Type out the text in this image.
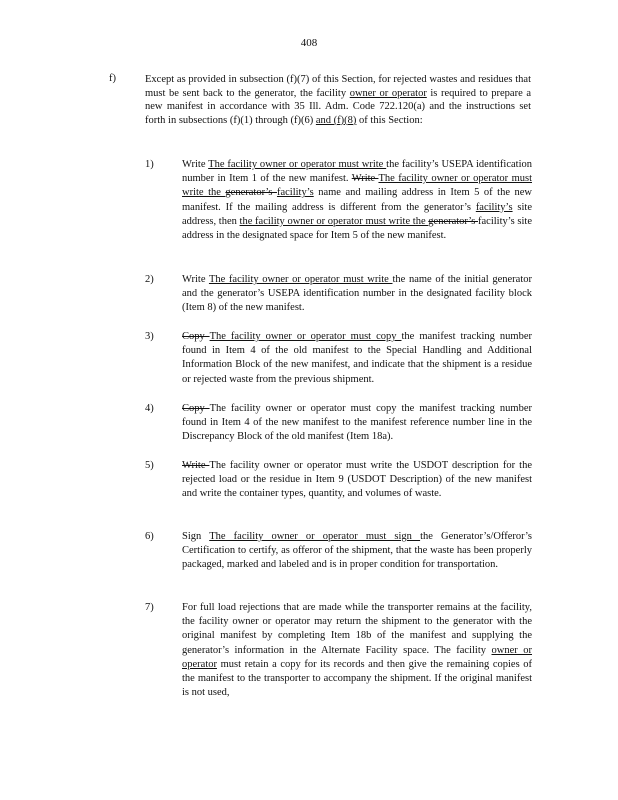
408
f)	Except as provided in subsection (f)(7) of this Section, for rejected wastes and residues that must be sent back to the generator, the facility owner or operator is required to prepare a new manifest in accordance with 35 Ill. Adm. Code 722.120(a) and the instructions set forth in subsections (f)(1) through (f)(6) and (f)(8) of this Section:

1)	Write The facility owner or operator must write the facility’s USEPA identification number in Item 1 of the new manifest. Write The facility owner or operator must write the generator’s facility’s name and mailing address in Item 5 of the new manifest. If the mailing address is different from the generator’s facility’s site address, then the facility owner or operator must write the generator’s facility’s site address in the designated space for Item 5 of the new manifest.

2)	Write The facility owner or operator must write the name of the initial generator and the generator’s USEPA identification number in the designated facility block (Item 8) of the new manifest.

3)	Copy The facility owner or operator must copy the manifest tracking number found in Item 4 of the old manifest to the Special Handling and Additional Information Block of the new manifest, and indicate that the shipment is a residue or rejected waste from the previous shipment.

4)	Copy The facility owner or operator must copy the manifest tracking number found in Item 4 of the new manifest to the manifest reference number line in the Discrepancy Block of the old manifest (Item 18a).

5)	Write The facility owner or operator must write the USDOT description for the rejected load or the residue in Item 9 (USDOT Description) of the new manifest and write the container types, quantity, and volumes of waste.

6)	Sign The facility owner or operator must sign the Generator’s/Offeror’s Certification to certify, as offeror of the shipment, that the waste has been properly packaged, marked and labeled and is in proper condition for transportation.

7)	For full load rejections that are made while the transporter remains at the facility, the facility owner or operator may return the shipment to the generator with the original manifest by completing Item 18b of the manifest and supplying the generator’s information in the Alternate Facility space. The facility owner or operator must retain a copy for its records and then give the remaining copies of the manifest to the transporter to accompany the shipment. If the original manifest is not used,
